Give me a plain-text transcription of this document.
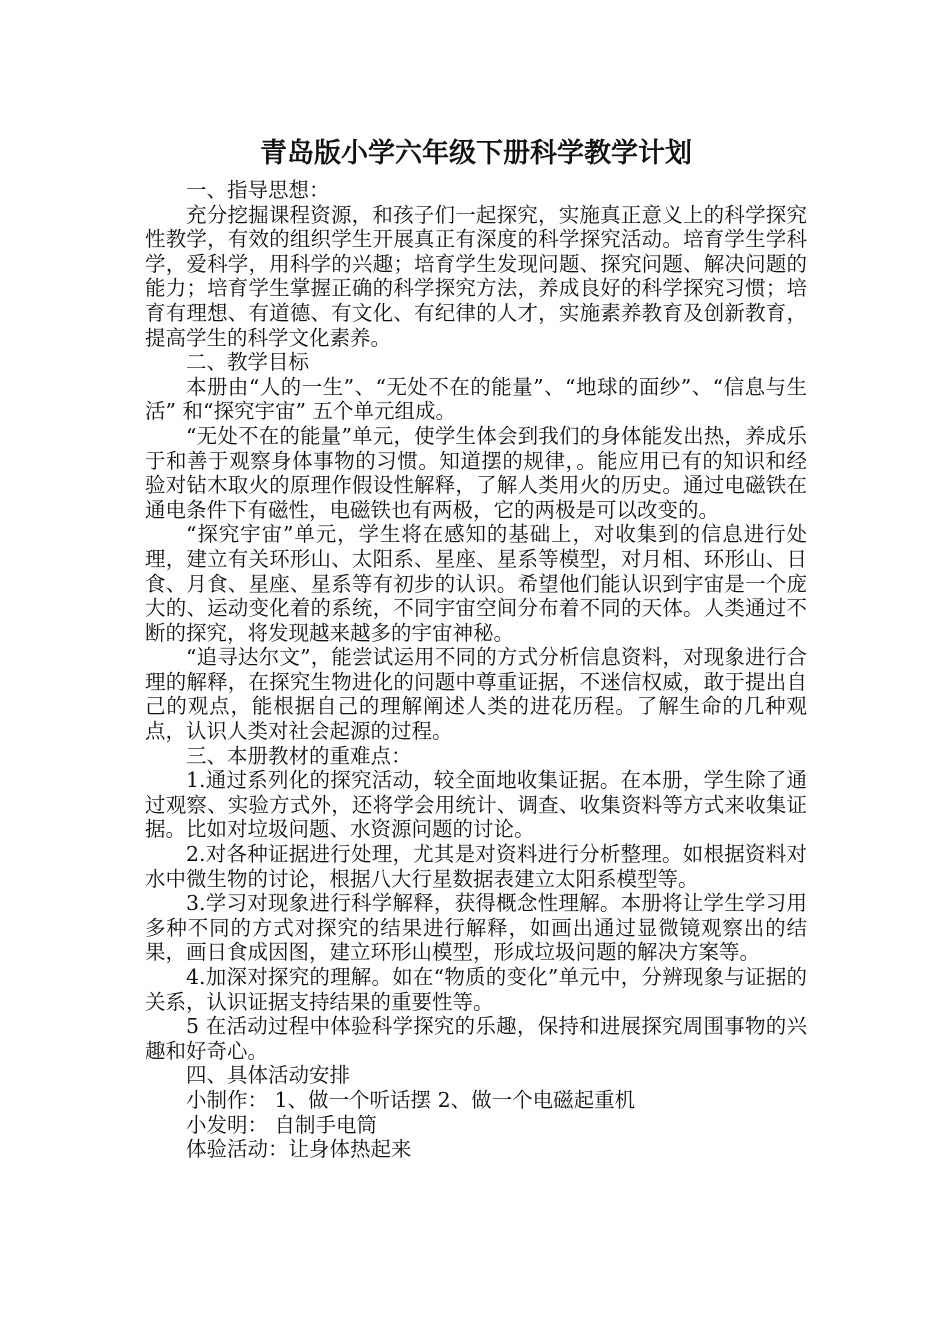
青岛版小学六年级下册科学教学计划

一、指导思想：

充分挖掘课程资源，和孩子们一起探究，实施真正意义上的科学探究性教学，有效的组织学生开展真正有深度的科学探究活动。培育学生学科学，爱科学，用科学的兴趣；培育学生发现问题、探究问题、解决问题的能力；培育学生掌握正确的科学探究方法，养成良好的科学探究习惯；培育有理想、有道德、有文化、有纪律的人才，实施素养教育及创新教育，提高学生的科学文化素养。

二、教学目标

本册由“人的一生”、“无处不在的能量”、“地球的面纱”、“信息与生活” 和“探究宇宙” 五个单元组成。

“无处不在的能量”单元，使学生体会到我们的身体能发出热，养成乐于和善于观察身体事物的习惯。知道摆的规律，。能应用已有的知识和经验对钻木取火的原理作假设性解释，了解人类用火的历史。通过电磁铁在通电条件下有磁性，电磁铁也有两极，它的两极是可以改变的。

“探究宇宙”单元，学生将在感知的基础上，对收集到的信息进行处理，建立有关环形山、太阳系、星座、星系等模型，对月相、环形山、日食、月食、星座、星系等有初步的认识。希望他们能认识到宇宙是一个庞大的、运动变化着的系统，不同宇宙空间分布着不同的天体。人类通过不断的探究，将发现越来越多的宇宙神秘。

“追寻达尔文”，能尝试运用不同的方式分析信息资料，对现象进行合理的解释，在探究生物进化的问题中尊重证据，不迷信权威，敢于提出自己的观点，能根据自己的理解阐述人类的进花历程。了解生命的几种观点，认识人类对社会起源的过程。

三、本册教材的重难点：

1.通过系列化的探究活动，较全面地收集证据。在本册，学生除了通过观察、实验方式外，还将学会用统计、调查、收集资料等方式来收集证据。比如对垃圾问题、水资源问题的讨论。

2.对各种证据进行处理，尤其是对资料进行分析整理。如根据资料对水中微生物的讨论，根据八大行星数据表建立太阳系模型等。

3.学习对现象进行科学解释，获得概念性理解。本册将让学生学习用多种不同的方式对探究的结果进行解释，如画出通过显微镜观察出的结果，画日食成因图，建立环形山模型，形成垃圾问题的解决方案等。

4.加深对探究的理解。如在“物质的变化”单元中，分辨现象与证据的关系，认识证据支持结果的重要性等。

5 在活动过程中体验科学探究的乐趣，保持和进展探究周围事物的兴趣和好奇心。

四、具体活动安排

小制作： 1、做一个听话摆 2、做一个电磁起重机

小发明： 自制手电筒

体验活动：让身体热起来
